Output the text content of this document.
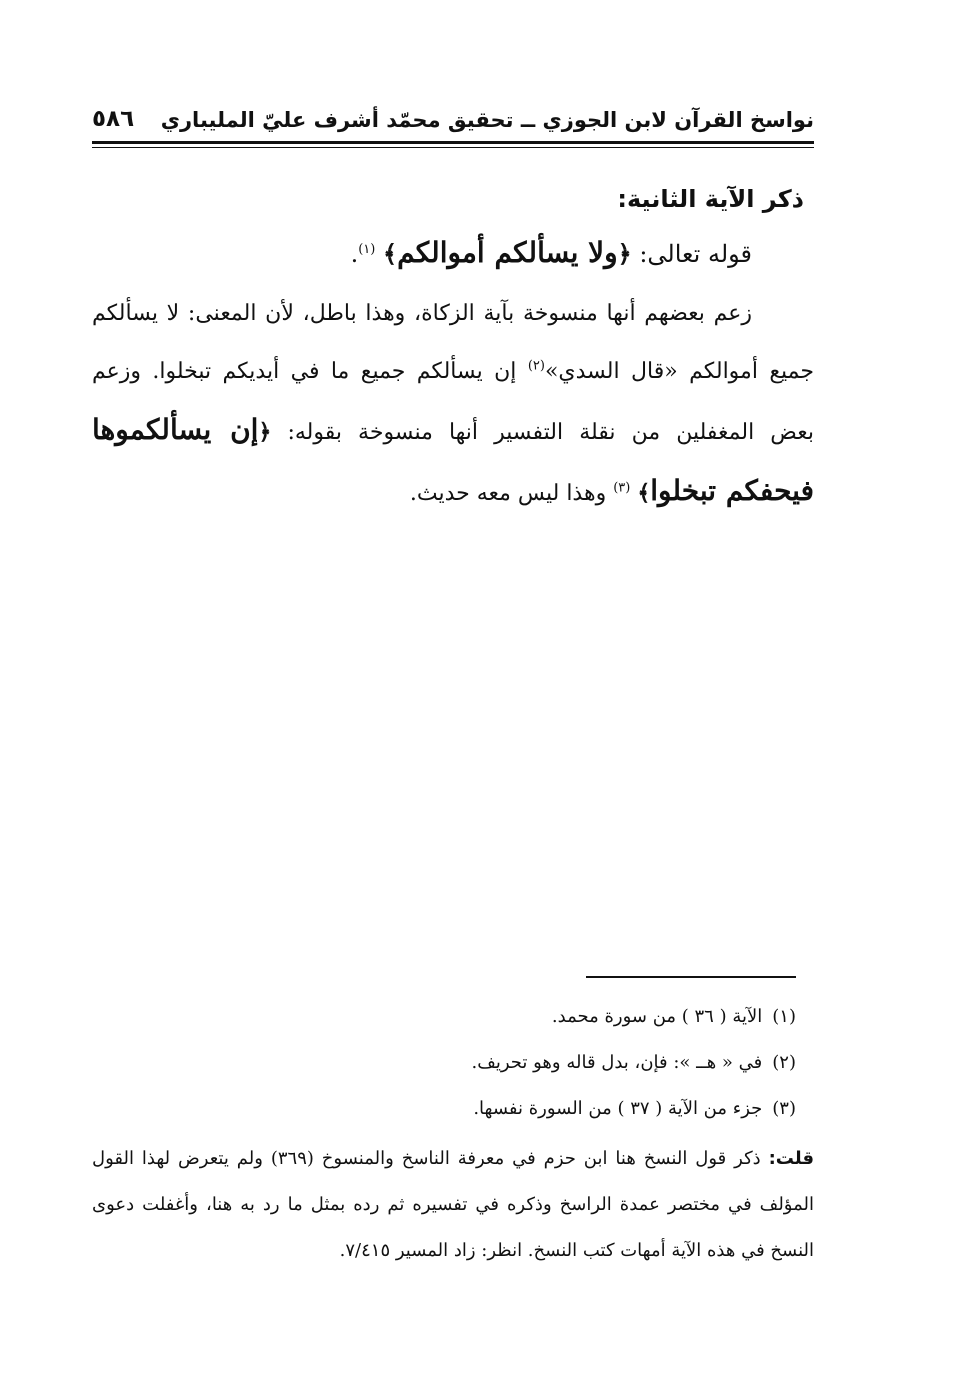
نواسخ القرآن لابن الجوزي ــ تحقيق محمّد أشرف عليّ المليباري
٥٨٦

ذكر الآية الثانية:

قوله تعالى: ﴿ولا يسألكم أموالكم﴾ $^{(١)}$.

زعم بعضهم أنها منسوخة بآية الزكاة، وهذا باطل، لأن المعنى: لا يسألكم جميع أموالكم «قال السدي»$^{(٢)}$ إن يسألكم جميع ما في أيديكم تبخلوا. وزعم بعض المغفلين من نقلة التفسير أنها منسوخة بقوله: ﴿إن يسألكموها فيحفكم تبخلوا﴾ $^{(٣)}$ وهذا ليس معه حديث.

(١)الآية ( ٣٦ ) من سورة محمد.

(٢)في « هــ »: فإن، بدل قاله وهو تحريف.

(٣)جزء من الآية ( ٣٧ ) من السورة نفسها.

قلت: ذكر قول النسخ هنا ابن حزم في معرفة الناسخ والمنسوخ (٣٦٩) ولم يتعرض لهذا القول المؤلف في مختصر عمدة الراسخ وذكره في تفسيره ثم رده بمثل ما رد به هنا، وأغفلت دعوى النسخ في هذه الآية أمهات كتب النسخ. انظر: زاد المسير ٧/٤١٥.
